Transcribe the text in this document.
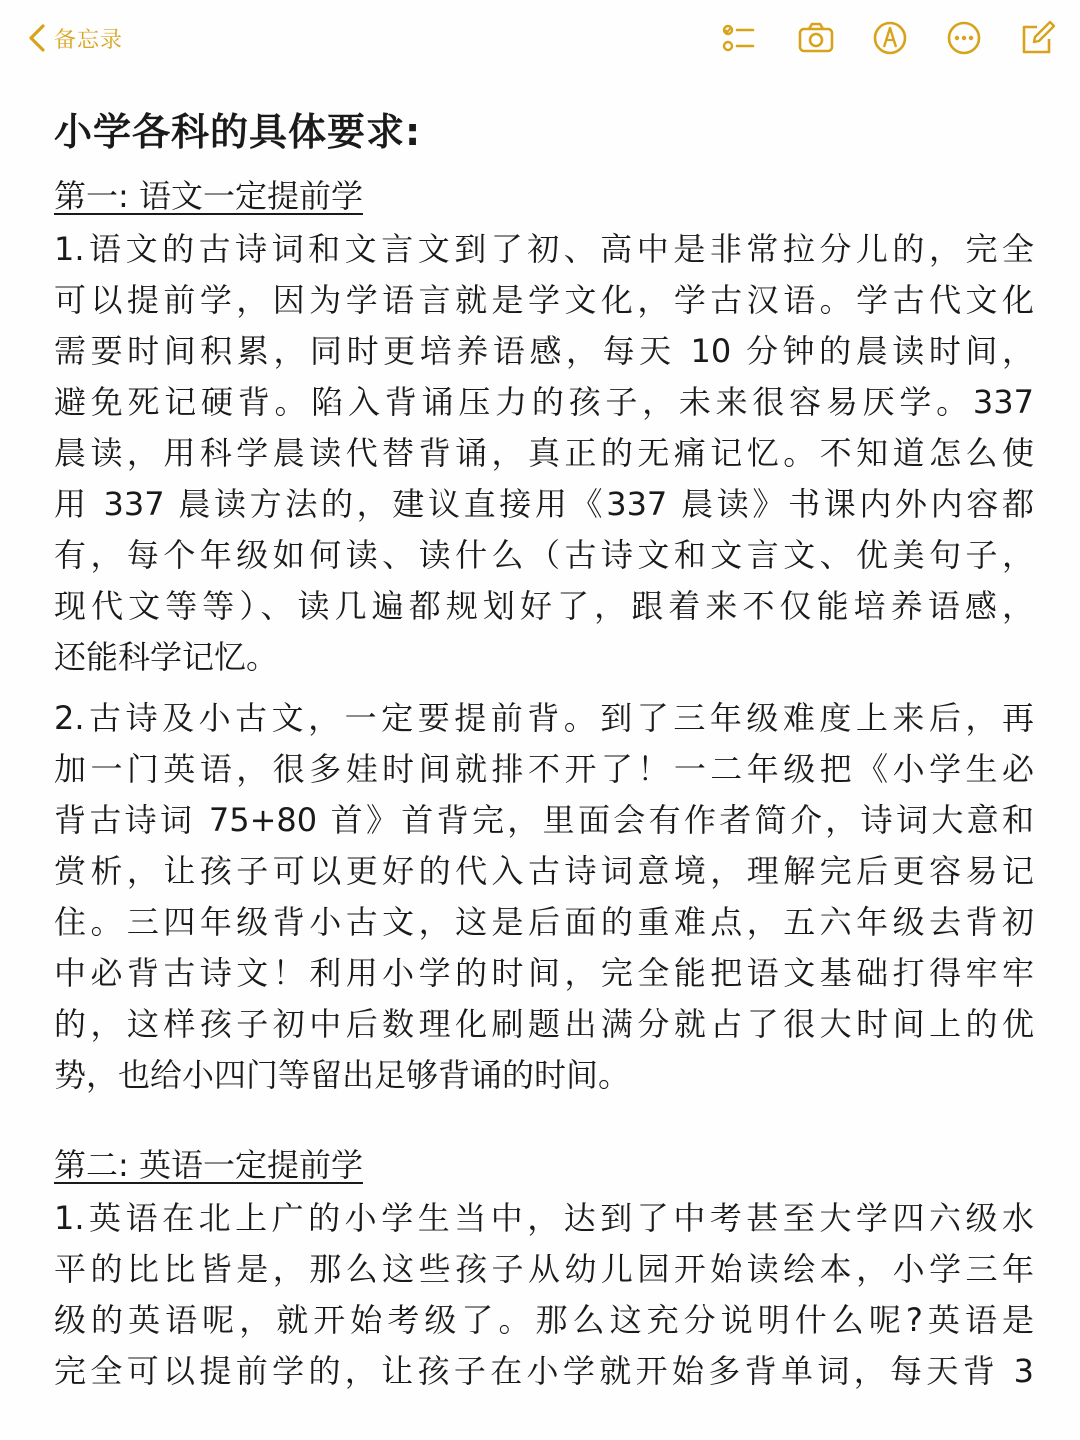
备忘录
小学各科的具体要求:
第一: 语文一定提前学
1.语文的古诗词和文言文到了初、高中是非常拉分儿的，完全
可以提前学，因为学语言就是学文化，学古汉语。学古代文化
需要时间积累，同时更培养语感，每天 10 分钟的晨读时间，
避免死记硬背。陷入背诵压力的孩子，未来很容易厌学。337
晨读，用科学晨读代替背诵，真正的无痛记忆。不知道怎么使
用 337 晨读方法的，建议直接用《337 晨读》书课内外内容都
有，每个年级如何读、读什么（古诗文和文言文、优美句子，
现代文等等）、读几遍都规划好了，跟着来不仅能培养语感，
还能科学记忆。
2.古诗及小古文，一定要提前背。到了三年级难度上来后，再
加一门英语，很多娃时间就排不开了！一二年级把《小学生必
背古诗词 75+80 首》首背完，里面会有作者简介，诗词大意和
赏析，让孩子可以更好的代入古诗词意境，理解完后更容易记
住。三四年级背小古文，这是后面的重难点，五六年级去背初
中必背古诗文！利用小学的时间，完全能把语文基础打得牢牢
的，这样孩子初中后数理化刷题出满分就占了很大时间上的优
势，也给小四门等留出足够背诵的时间。
第二: 英语一定提前学
1.英语在北上广的小学生当中，达到了中考甚至大学四六级水
平的比比皆是，那么这些孩子从幼儿园开始读绘本，小学三年
级的英语呢，就开始考级了。那么这充分说明什么呢?英语是
完全可以提前学的，让孩子在小学就开始多背单词，每天背 3
